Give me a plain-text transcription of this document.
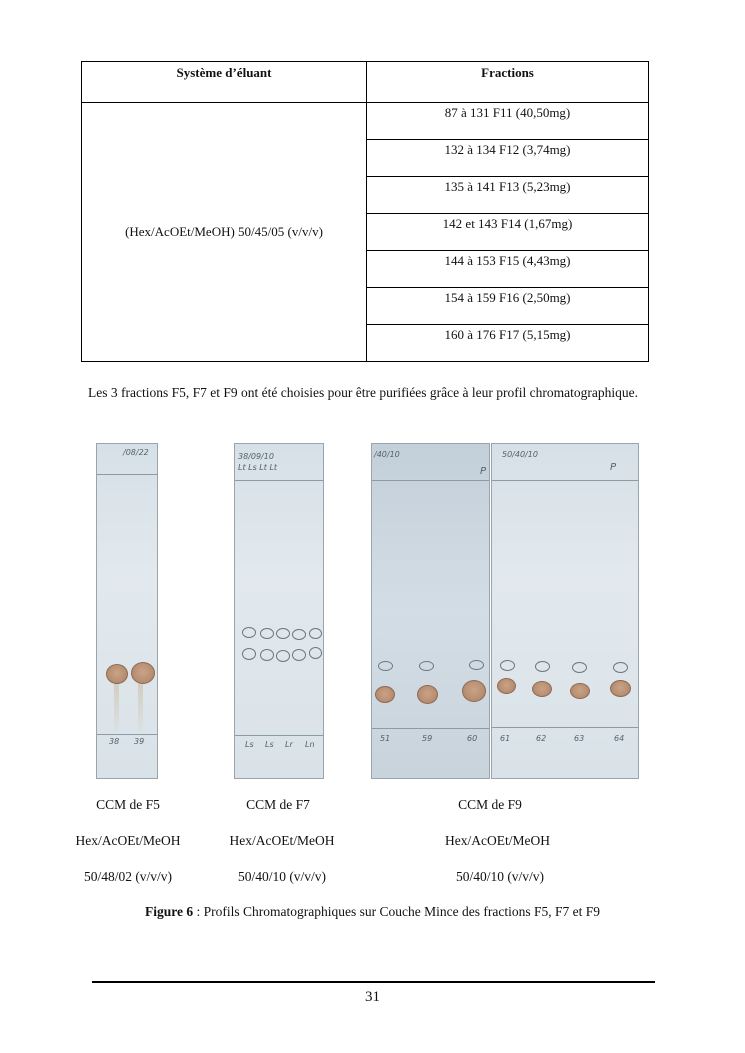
Système d’éluant	Fractions
(Hex/AcOEt/MeOH) 50/45/05 (v/v/v)	87 à 131 F11 (40,50mg)
	132 à 134 F12 (3,74mg)
	135 à 141 F13 (5,23mg)
	142 et 143 F14 (1,67mg)
	144 à 153 F15 (4,43mg)
	154 à 159 F16 (2,50mg)
	160 à 176 F17 (5,15mg)
Les 3 fractions F5, F7 et F9 ont été choisies pour être purifiées grâce à leur profil chromatographique.
/08/22
38 39
38/09/10
Lt Ls Lt Lt
Ls Ls Lr Ln
/40/10
P
51	59	60
50/40/10
P
61	62	63	64
CCM de F5
Hex/AcOEt/MeOH
50/48/02 (v/v/v)
CCM de F7
Hex/AcOEt/MeOH
50/40/10 (v/v/v)
CCM de F9
Hex/AcOEt/MeOH
50/40/10 (v/v/v)
Figure 6 : Profils Chromatographiques sur Couche Mince des fractions F5, F7 et F9
31
